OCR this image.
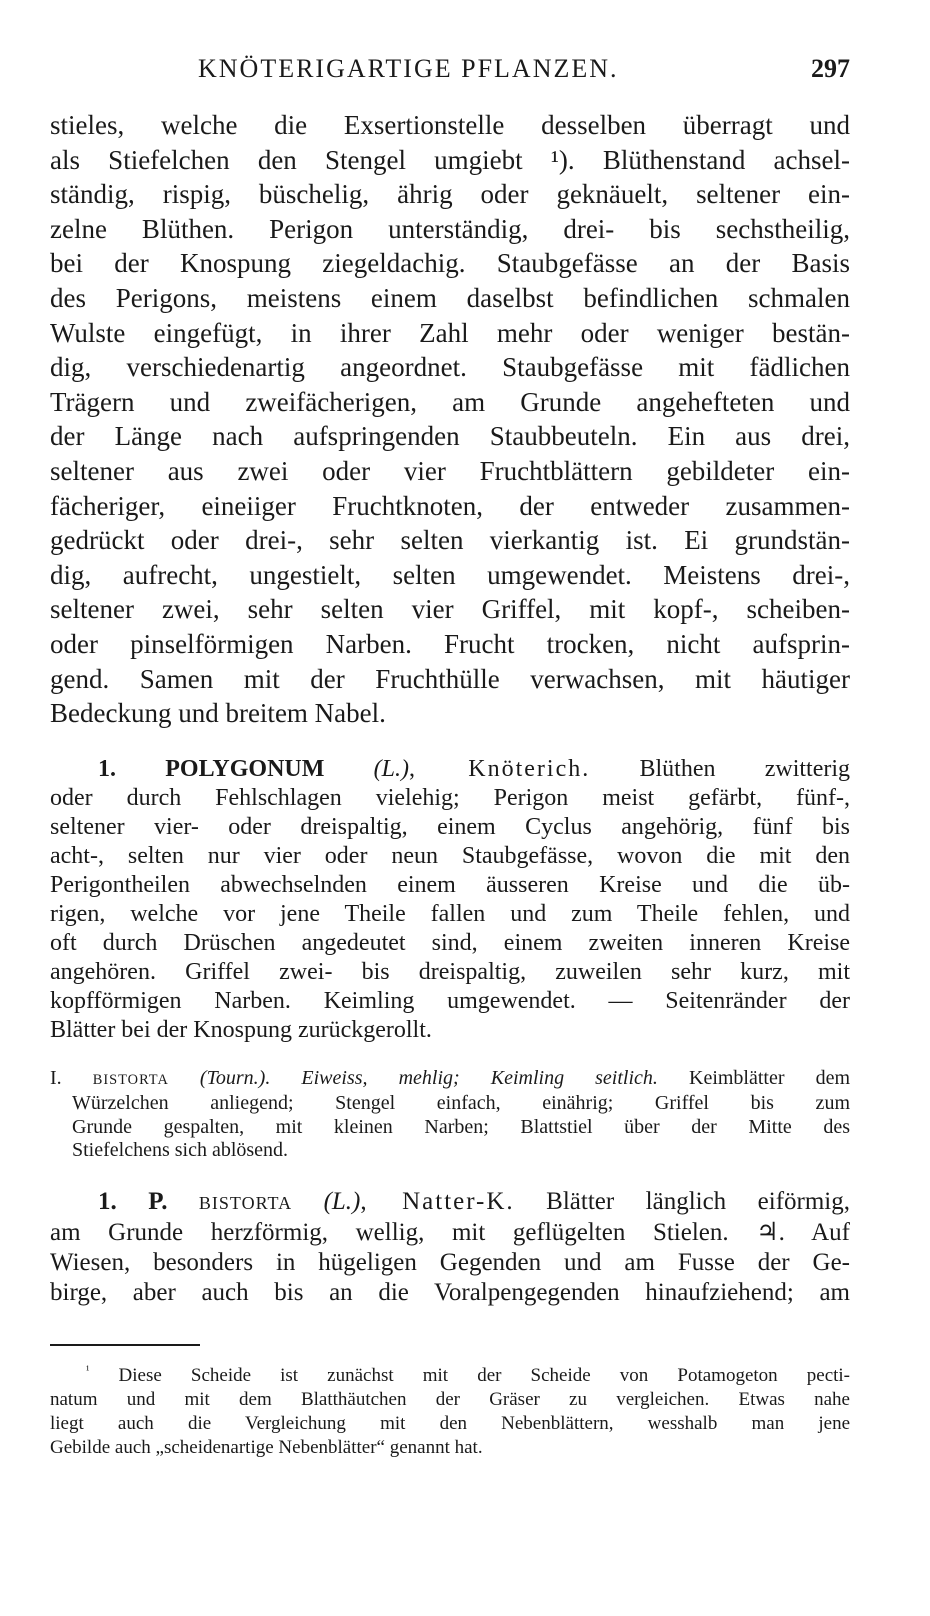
KNÖTERIGARTIGE PFLANZEN.	297
stieles, welche die Exsertionstelle desselben überragt und
als Stiefelchen den Stengel umgiebt ¹). Blüthenstand achsel-
ständig, rispig, büschelig, ährig oder geknäuelt, seltener ein-
zelne Blüthen. Perigon unterständig, drei- bis sechstheilig,
bei der Knospung ziegeldachig. Staubgefässe an der Basis
des Perigons, meistens einem daselbst befindlichen schmalen
Wulste eingefügt, in ihrer Zahl mehr oder weniger bestän-
dig, verschiedenartig angeordnet. Staubgefässe mit fädlichen
Trägern und zweifächerigen, am Grunde angehefteten und
der Länge nach aufspringenden Staubbeuteln. Ein aus drei,
seltener aus zwei oder vier Fruchtblättern gebildeter ein-
fächeriger, eineiiger Fruchtknoten, der entweder zusammen-
gedrückt oder drei-, sehr selten vierkantig ist. Ei grundstän-
dig, aufrecht, ungestielt, selten umgewendet. Meistens drei-,
seltener zwei, sehr selten vier Griffel, mit kopf-, scheiben-
oder pinselförmigen Narben. Frucht trocken, nicht aufsprin-
gend. Samen mit der Fruchthülle verwachsen, mit häutiger
Bedeckung und breitem Nabel.
1. POLYGONUM (L.), Knöterich. Blüthen zwitterig
oder durch Fehlschlagen vielehig; Perigon meist gefärbt, fünf-,
seltener vier- oder dreispaltig, einem Cyclus angehörig, fünf bis
acht-, selten nur vier oder neun Staubgefässe, wovon die mit den
Perigontheilen abwechselnden einem äusseren Kreise und die üb-
rigen, welche vor jene Theile fallen und zum Theile fehlen, und
oft durch Drüschen angedeutet sind, einem zweiten inneren Kreise
angehören. Griffel zwei- bis dreispaltig, zuweilen sehr kurz, mit
kopfförmigen Narben. Keimling umgewendet. — Seitenränder der
Blätter bei der Knospung zurückgerollt.
I. BISTORTA (Tourn.). Eiweiss, mehlig; Keimling seitlich. Keimblätter dem
Würzelchen anliegend; Stengel einfach, einährig; Griffel bis zum
Grunde gespalten, mit kleinen Narben; Blattstiel über der Mitte des
Stiefelchens sich ablösend.
1. P. BISTORTA (L.), Natter-K. Blätter länglich eiförmig,
am Grunde herzförmig, wellig, mit geflügelten Stielen. ♃. Auf
Wiesen, besonders in hügeligen Gegenden und am Fusse der Ge-
birge, aber auch bis an die Voralpengegenden hinaufziehend; am
$^{^1}$ Diese Scheide ist zunächst mit der Scheide von Potamogeton pecti-
natum und mit dem Blatthäutchen der Gräser zu vergleichen. Etwas nahe
liegt auch die Vergleichung mit den Nebenblättern, wesshalb man jene
Gebilde auch „scheidenartige Nebenblätter“ genannt hat.
